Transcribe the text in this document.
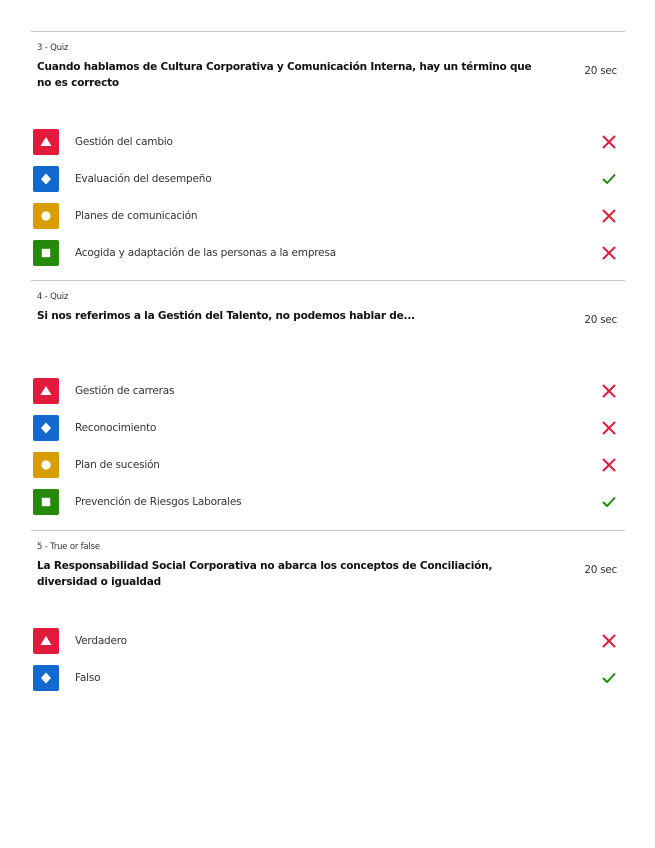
3 - Quiz
Cuando hablamos de Cultura Corporativa y Comunicación Interna, hay un término que no es correcto
20 sec
Gestión del cambio
Evaluación del desempeño
Planes de comunicación
Acogida y adaptación de las personas a la empresa
4 - Quiz
Si nos referimos a la Gestión del Talento, no podemos hablar de...	20 sec
Gestión de carreras
Reconocimiento
Plan de sucesión
Prevención de Riesgos Laborales
5 - True or false
La Responsabilidad Social Corporativa no abarca los conceptos de Conciliación, diversidad o igualdad
20 sec
Verdadero
Falso
